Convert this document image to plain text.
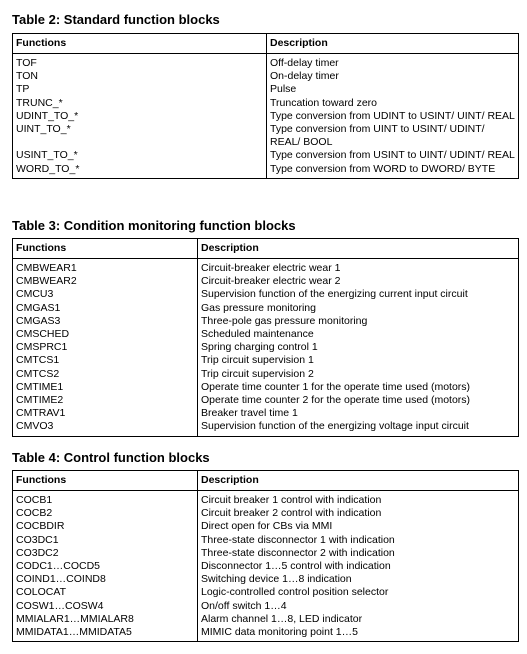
Table 2: Standard function blocks
Functions	Description
TOF	Off-delay timer
TON	On-delay timer
TP	Pulse
TRUNC_*	Truncation toward zero
UDINT_TO_*	Type conversion from UDINT to USINT/ UINT/ REAL
UINT_TO_*	Type conversion from UINT to USINT/ UDINT/ REAL/ BOOL
USINT_TO_*	Type conversion from USINT to UINT/ UDINT/ REAL
WORD_TO_*	Type conversion from WORD to DWORD/ BYTE
Table 3: Condition monitoring function blocks
Functions	Description
CMBWEAR1	Circuit-breaker electric wear 1
CMBWEAR2	Circuit-breaker electric wear 2
CMCU3	Supervision function of the energizing current input circuit
CMGAS1	Gas pressure monitoring
CMGAS3	Three-pole gas pressure monitoring
CMSCHED	Scheduled maintenance
CMSPRC1	Spring charging control 1
CMTCS1	Trip circuit supervision 1
CMTCS2	Trip circuit supervision 2
CMTIME1	Operate time counter 1 for the operate time used (motors)
CMTIME2	Operate time counter 2 for the operate time used (motors)
CMTRAV1	Breaker travel time 1
CMVO3	Supervision function of the energizing voltage input circuit
Table 4: Control function blocks
Functions	Description
COCB1	Circuit breaker 1 control with indication
COCB2	Circuit breaker 2 control with indication
COCBDIR	Direct open for CBs via MMI
CO3DC1	Three-state disconnector 1 with indication
CO3DC2	Three-state disconnector 2 with indication
CODC1…COCD5	Disconnector 1…5 control with indication
COIND1…COIND8	Switching device 1…8 indication
COLOCAT	Logic-controlled control position selector
COSW1…COSW4	On/off switch 1…4
MMIALAR1…MMIALAR8	Alarm channel 1…8, LED indicator
MMIDATA1…MMIDATA5	MIMIC data monitoring point 1…5
